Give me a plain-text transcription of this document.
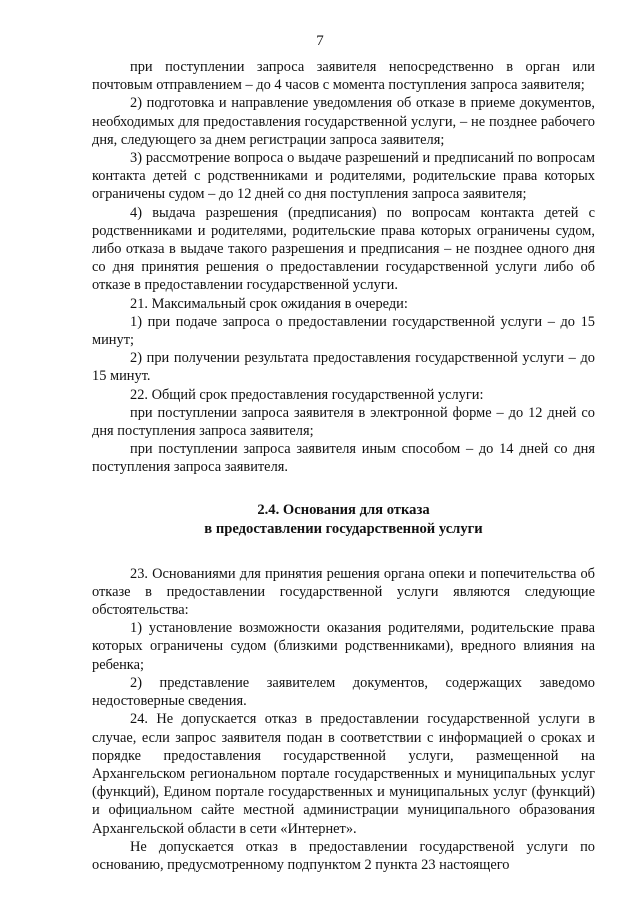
7

при поступлении запроса заявителя непосредственно в орган или почтовым отправлением – до 4 часов с момента поступления запроса заявителя;

2) подготовка и направление уведомления об отказе в приеме документов, необходимых для предоставления государственной услуги, – не позднее рабочего дня, следующего за днем регистрации запроса заявителя;

3) рассмотрение вопроса о выдаче разрешений и предписаний по вопросам контакта детей с родственниками и родителями, родительские права которых ограничены судом – до 12 дней со дня поступления запроса заявителя;

4) выдача разрешения (предписания) по вопросам контакта детей с родственниками и родителями, родительские права которых ограничены судом, либо отказа в выдаче такого разрешения и предписания – не позднее одного дня со дня принятия решения о предоставлении государственной услуги либо об отказе в предоставлении государственной услуги.

21. Максимальный срок ожидания в очереди:

1) при подаче запроса о предоставлении государственной услуги – до 15 минут;

2) при получении результата предоставления государственной услуги – до 15 минут.

22. Общий срок предоставления государственной услуги:

при поступлении запроса заявителя в электронной форме – до 12 дней со дня поступления запроса заявителя;

при поступлении запроса заявителя иным способом – до 14 дней со дня поступления запроса заявителя.

2.4. Основания для отказа
в предоставлении государственной услуги

23. Основаниями для принятия решения органа опеки и попечительства об отказе в предоставлении государственной услуги являются следующие обстоятельства:

1) установление возможности оказания родителями, родительские права которых ограничены судом (близкими родственниками), вредного влияния на ребенка;

2) представление заявителем документов, содержащих заведомо недостоверные сведения.

24. Не допускается отказ в предоставлении государственной услуги в случае, если запрос заявителя подан в соответствии с информацией о сроках и порядке предоставления государственной услуги, размещенной на Архангельском региональном портале государственных и муниципальных услуг (функций), Едином портале государственных и муниципальных услуг (функций) и официальном сайте местной администрации муниципального образования Архангельской области в сети «Интернет».

Не допускается отказ в предоставлении государственой услуги по основанию, предусмотренному подпунктом 2 пункта 23 настоящего
